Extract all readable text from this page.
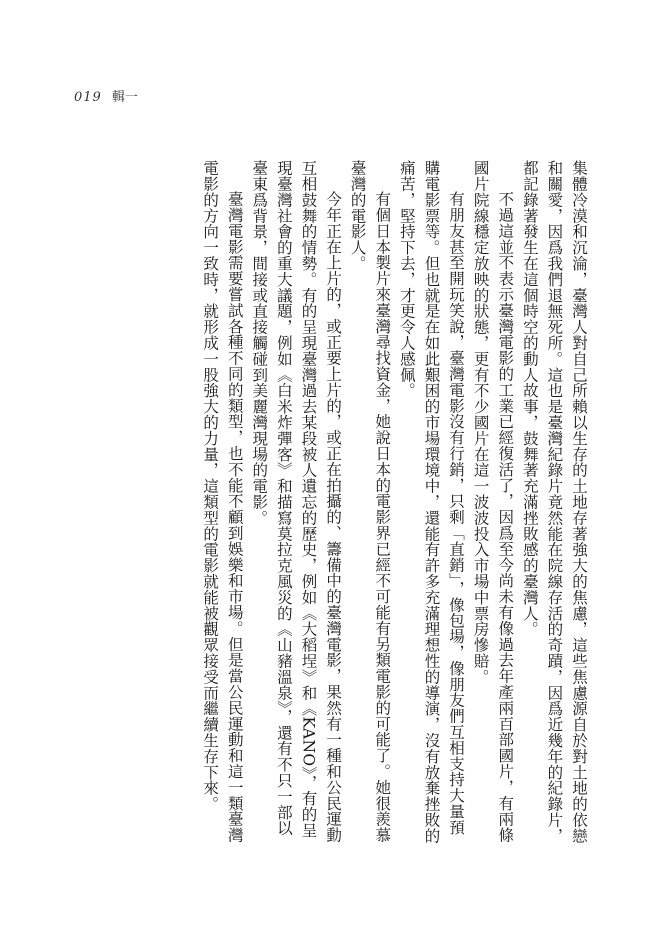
019 輯一

集體冷漠和沉淪，臺灣人對自己所賴以生存的土地存著強大的焦慮，這些焦慮源自於對土地的依戀和關愛，因爲我們退無死所。這也是臺灣紀錄片竟然能在院線存活的奇蹟，因爲近幾年的紀錄片，都記錄著發生在這個時空的動人故事，鼓舞著充滿挫敗感的臺灣人。

不過這並不表示臺灣電影的工業已經復活了，因爲至今尚未有像過去年產兩百部國片，有兩條國片院線穩定放映的狀態，更有不少國片在這一波波投入市場中票房慘賠。

有朋友甚至開玩笑說，臺灣電影沒有行銷，只剩「直銷」，像包場，像朋友們互相支持大量預購電影票等。但也就是在如此艱困的市場環境中，還能有許多充滿理想性的導演，沒有放棄挫敗的痛苦，堅持下去，才更令人感佩。

有個日本製片來臺灣尋找資金，她說日本的電影界已經不可能有另類電影的可能了。她很羨慕臺灣的電影人。

今年正在上片的，或正要上片的，或正在拍攝的、籌備中的臺灣電影，果然有一種和公民運動互相鼓舞的情勢。有的呈現臺灣過去某段被人遺忘的歷史，例如《大稻埕》和《KANO》，有的呈現臺灣社會的重大議題，例如《白米炸彈客》和描寫莫拉克風災的《山豬溫泉》，還有不只一部以臺東爲背景，間接或直接觸碰到美麗灣現場的電影。

臺灣電影需要嘗試各種不同的類型，也不能不顧到娛樂和市場。但是當公民運動和這一類臺灣電影的方向一致時，就形成一股強大的力量，這類型的電影就能被觀眾接受而繼續生存下來。
